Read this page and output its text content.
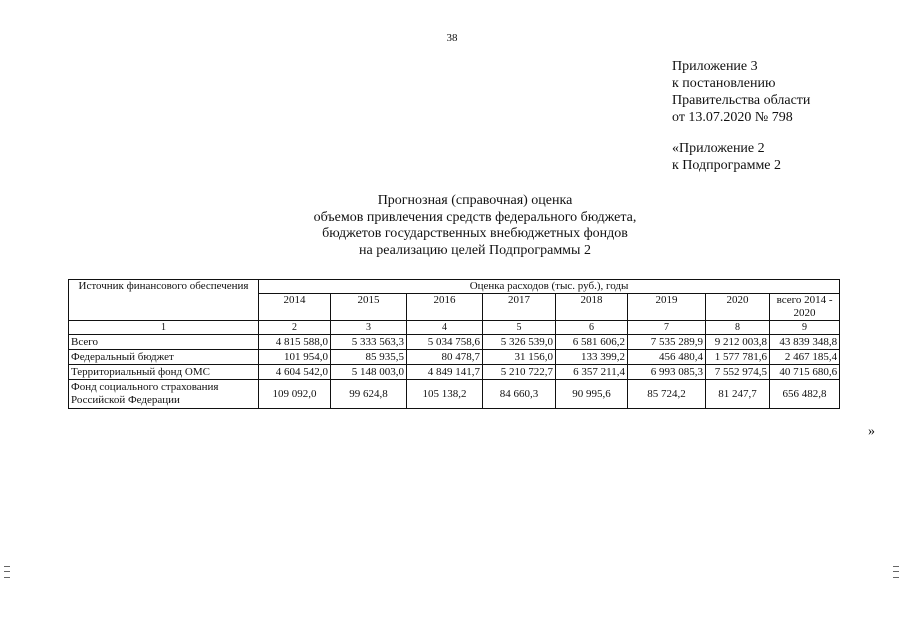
38
Приложение 3
к постановлению
Правительства области
от 13.07.2020 № 798
«Приложение 2
к Подпрограмме 2
Прогнозная (справочная) оценка
объемов привлечения средств федерального бюджета,
бюджетов государственных внебюджетных фондов
на реализацию целей Подпрограммы 2
Источник финансового обеспечения	Оценка расходов (тыс. руб.), годы							
	2014	2015	2016	2017	2018	2019	2020	всего 2014 - 2020
1	2	3	4	5	6	7	8	9
Всего	4 815 588,0	5 333 563,3	5 034 758,6	5 326 539,0	6 581 606,2	7 535 289,9	9 212 003,8	43 839 348,8
Федеральный бюджет	101 954,0	85 935,5	80 478,7	31 156,0	133 399,2	456 480,4	1 577 781,6	2 467 185,4
Территориальный фонд ОМС	4 604 542,0	5 148 003,0	4 849 141,7	5 210 722,7	6 357 211,4	6 993 085,3	7 552 974,5	40 715 680,6
Фонд социального страхования Российской Федерации	109 092,0	99 624,8	105 138,2	84 660,3	90 995,6	85 724,2	81 247,7	656 482,8
»
